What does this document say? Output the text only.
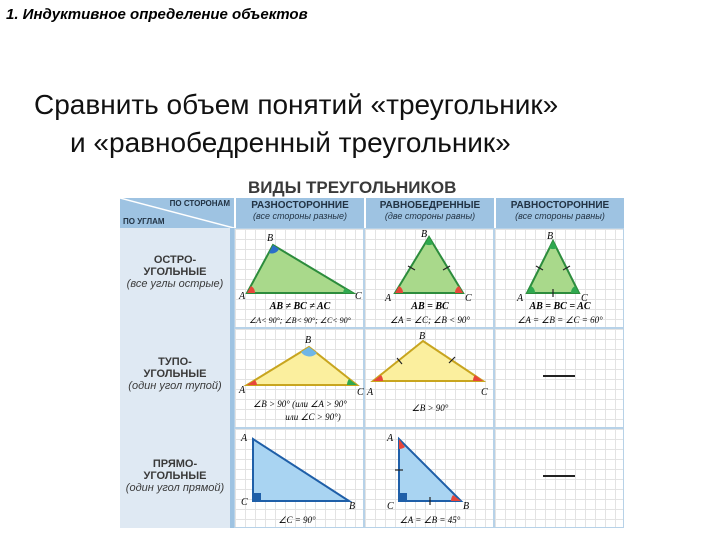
1. Индуктивное определение объектов
Сравнить объем понятий «треугольник»
и «равнобедренный треугольник»
ВИДЫ ТРЕУГОЛЬНИКОВ
ПО СТОРОНАМ
ПО УГЛАМ
РАЗНОСТОРОННИЕ
(все стороны разные)
РАВНОБЕДРЕННЫЕ
(две стороны равны)
РАВНОСТОРОННИЕ
(все стороны равны)
ОСТРО-
УГОЛЬНЫЕ
(все углы острые)
ТУПО-
УГОЛЬНЫЕ
(один угол тупой)
ПРЯМО-
УГОЛЬНЫЕ
(один угол прямой)
A
B
C
AB ≠ BC ≠ AC
∠A< 90°; ∠B< 90°; ∠C< 90°
A
B
C
AB = BC
∠A = ∠C; ∠B < 90°
A
B
C
AB = BC = AC
∠A = ∠B = ∠C = 60°
A
B
C
∠B > 90° (или ∠A > 90°
или ∠C > 90°)
A
B
C
∠B > 90°
A
C	B
∠C = 90°
A
C	B
∠A = ∠B = 45°
